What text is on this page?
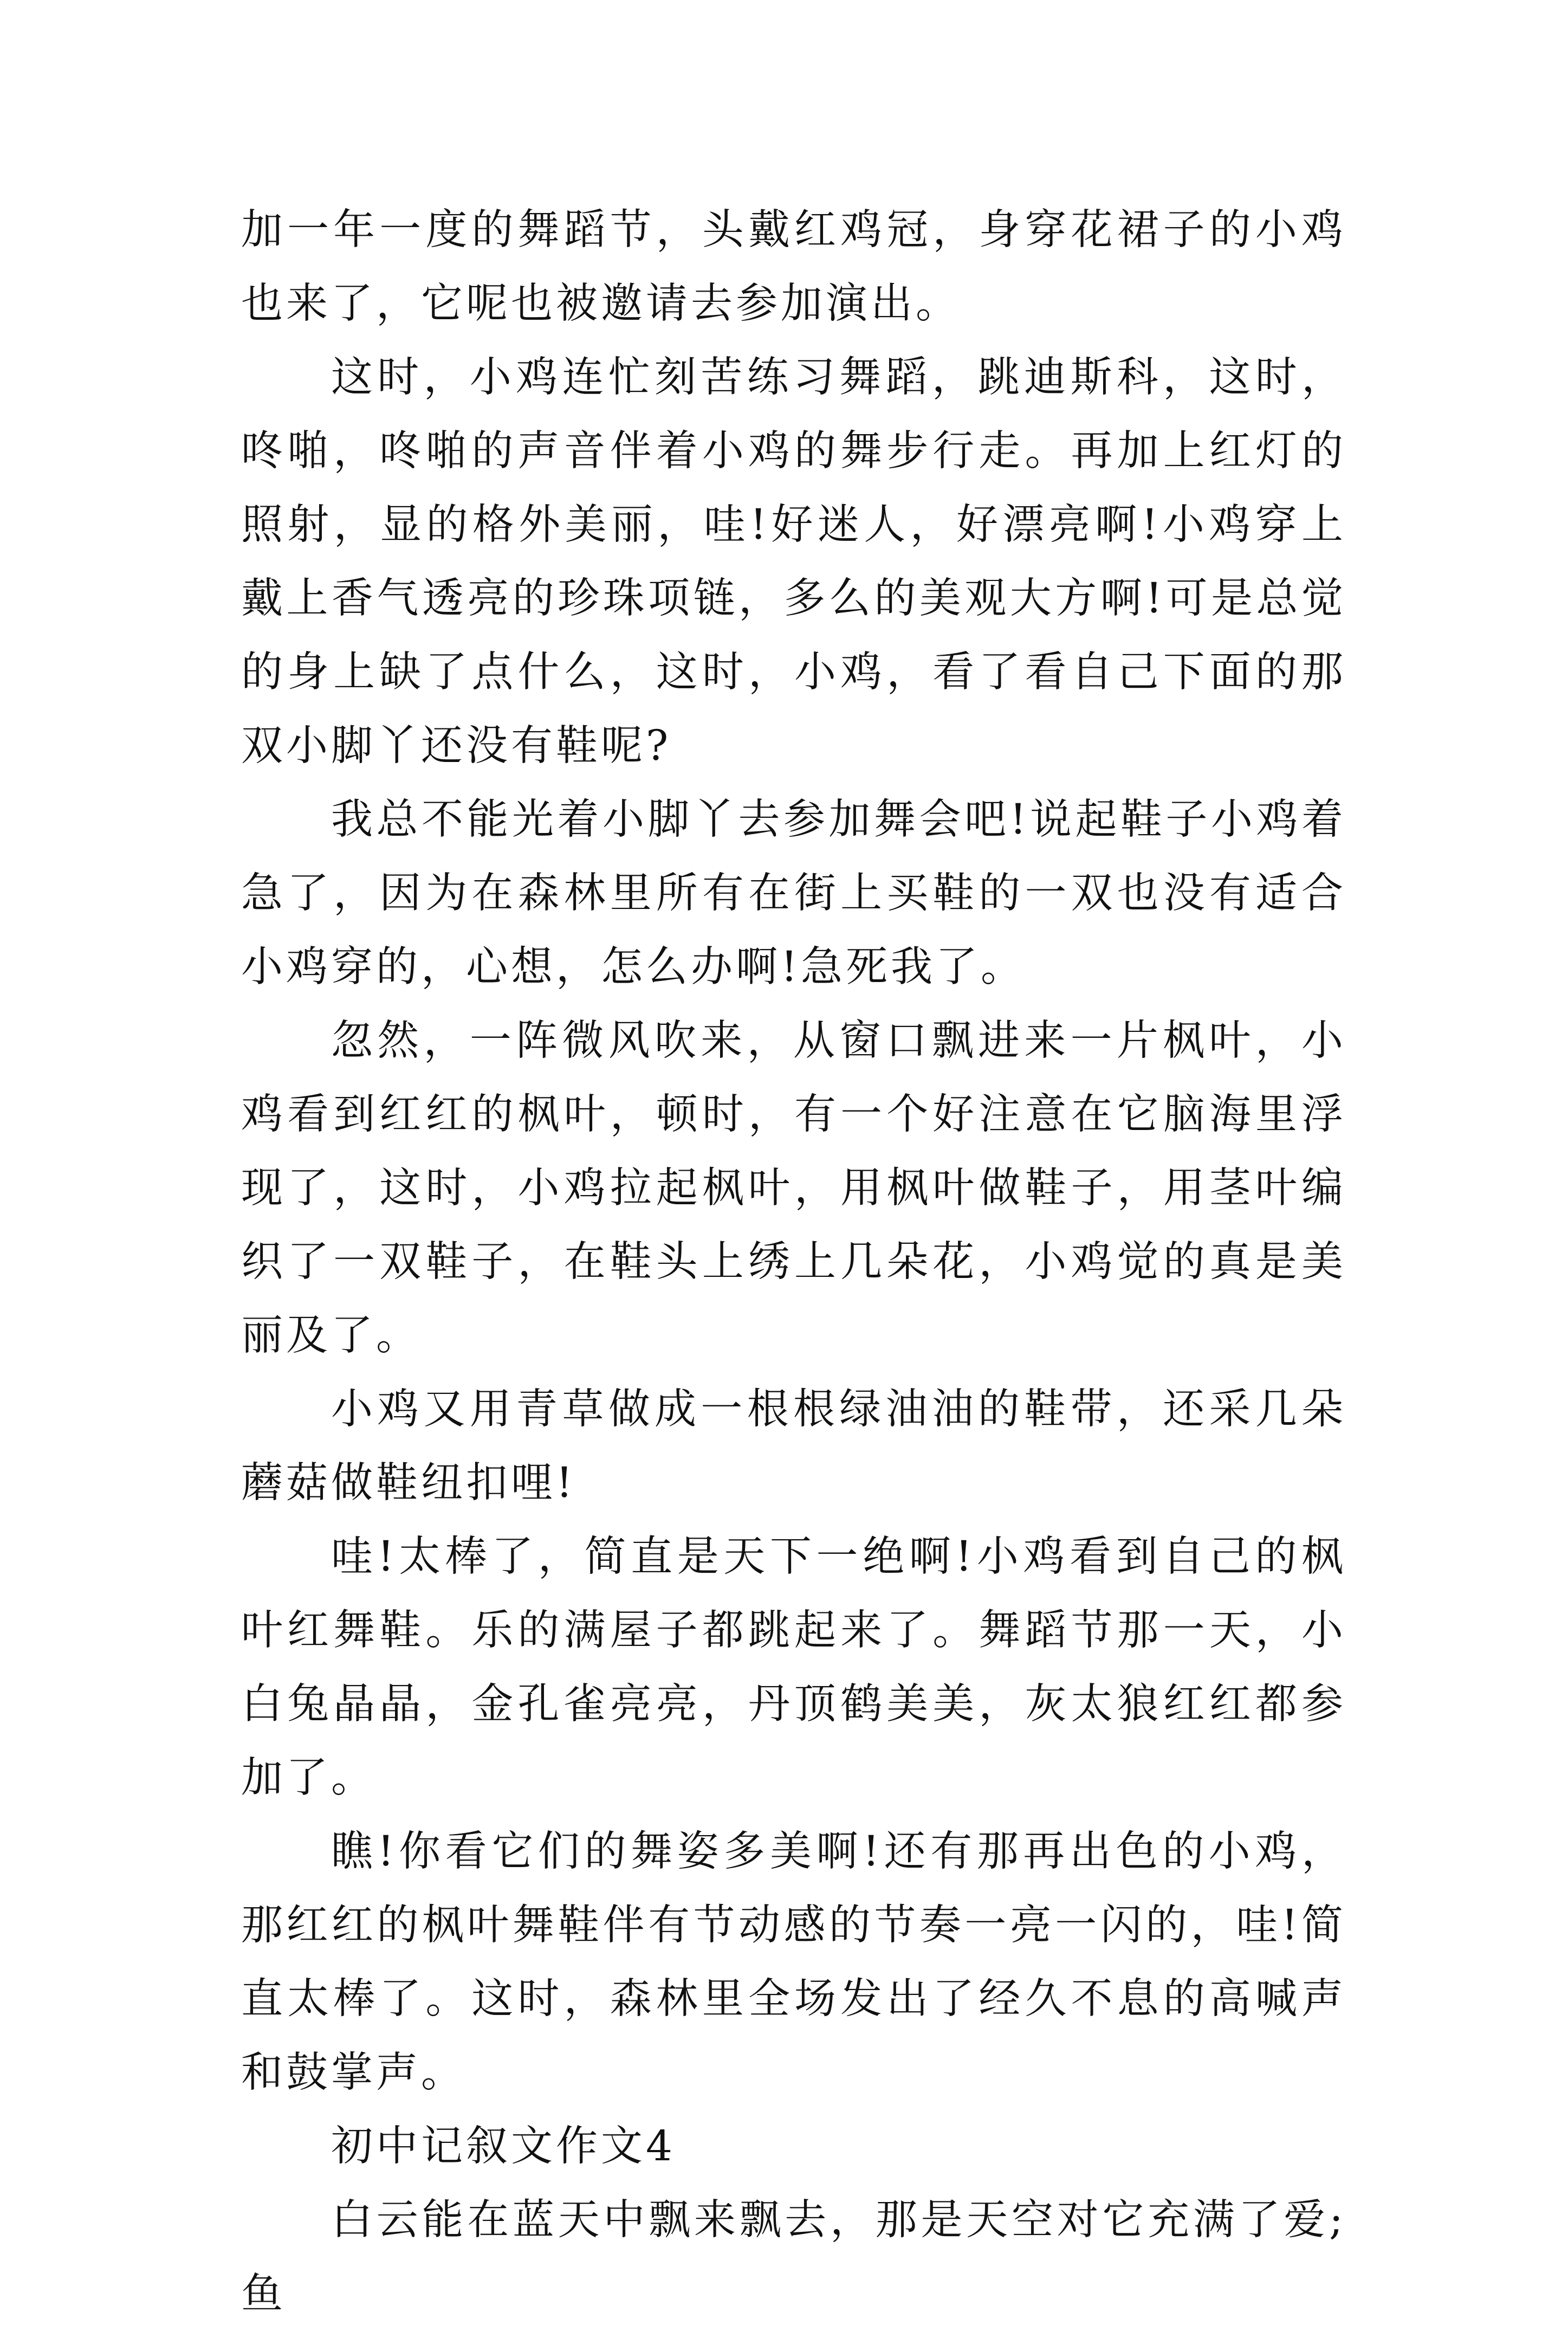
加一年一度的舞蹈节，头戴红鸡冠，身穿花裙子的小鸡也来了，它呢也被邀请去参加演出。

这时，小鸡连忙刻苦练习舞蹈，跳迪斯科，这时，咚啪，咚啪的声音伴着小鸡的舞步行走。再加上红灯的照射，显的格外美丽，哇!好迷人，好漂亮啊!小鸡穿上戴上香气透亮的珍珠项链，多么的美观大方啊!可是总觉的身上缺了点什么，这时，小鸡，看了看自己下面的那双小脚丫还没有鞋呢?

我总不能光着小脚丫去参加舞会吧!说起鞋子小鸡着急了，因为在森林里所有在街上买鞋的一双也没有适合小鸡穿的，心想，怎么办啊!急死我了。

忽然，一阵微风吹来，从窗口飘进来一片枫叶，小鸡看到红红的枫叶，顿时，有一个好注意在它脑海里浮现了，这时，小鸡拉起枫叶，用枫叶做鞋子，用茎叶编织了一双鞋子，在鞋头上绣上几朵花，小鸡觉的真是美丽及了。

小鸡又用青草做成一根根绿油油的鞋带，还采几朵蘑菇做鞋纽扣哩!

哇!太棒了，简直是天下一绝啊!小鸡看到自己的枫叶红舞鞋。乐的满屋子都跳起来了。舞蹈节那一天，小白兔晶晶，金孔雀亮亮，丹顶鹤美美，灰太狼红红都参加了。

瞧!你看它们的舞姿多美啊!还有那再出色的小鸡，那红红的枫叶舞鞋伴有节动感的节奏一亮一闪的，哇!简直太棒了。这时，森林里全场发出了经久不息的高喊声和鼓掌声。

初中记叙文作文4

白云能在蓝天中飘来飘去，那是天空对它充满了爱;鱼
